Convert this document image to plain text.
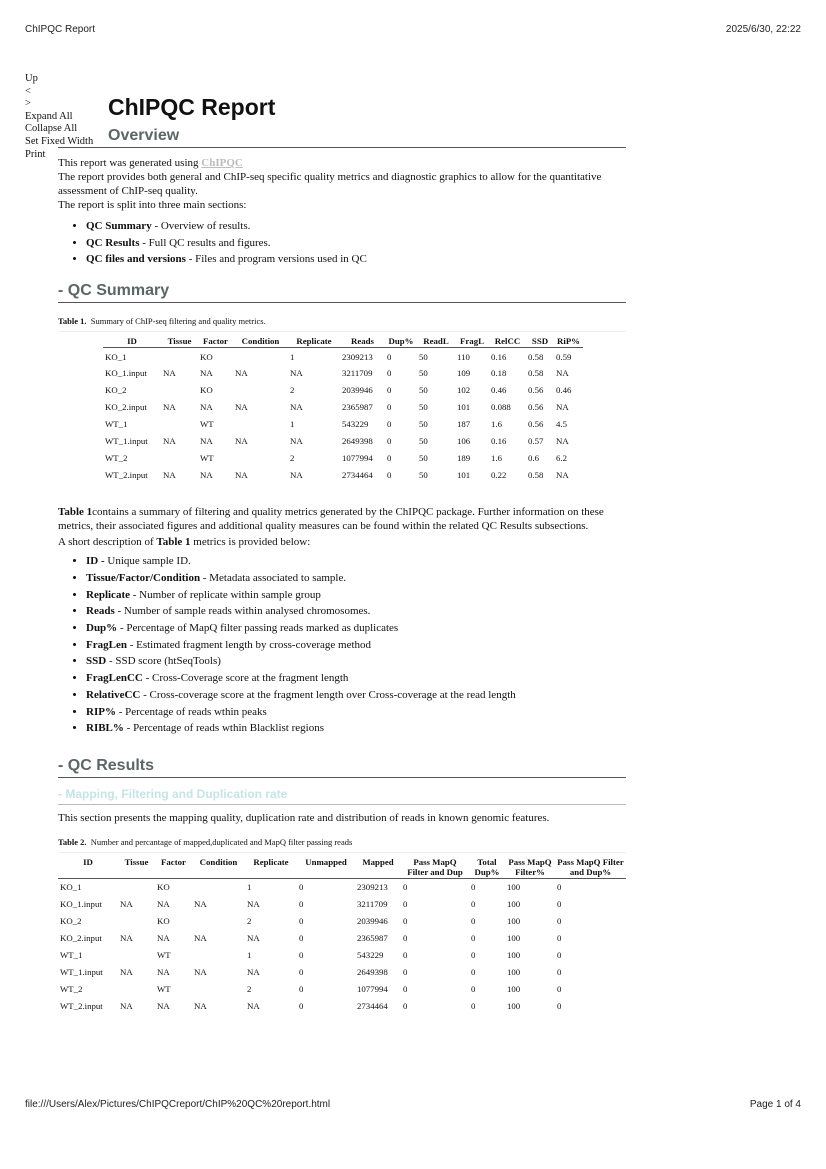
ChIPQC Report	2025/6/30, 22:22
Up
<
>
Expand All
Collapse All
Set Fixed Width
Print
ChIPQC Report
Overview

This report was generated using ChIPQC

The report provides both general and ChIP-seq specific quality metrics and diagnostic graphics to allow for the quantitative assessment of ChIP-seq quality.

The report is split into three main sections:

• QC Summary - Overview of results.
• QC Results - Full QC results and figures.
• QC files and versions - Files and program versions used in QC
- QC Summary

Table 1. Summary of ChIP-seq filtering and quality metrics.

ID	Tissue	Factor	Condition	Replicate	Reads	Dup%	ReadL	FragL	RelCC	SSD	RiP%
KO_1		KO		1	2309213	0	50	110	0.16	0.58	0.59
KO_1.input	NA	NA	NA	NA	3211709	0	50	109	0.18	0.58	NA
KO_2		KO		2	2039946	0	50	102	0.46	0.56	0.46
KO_2.input	NA	NA	NA	NA	2365987	0	50	101	0.088	0.56	NA
WT_1		WT		1	543229	0	50	187	1.6	0.56	4.5
WT_1.input	NA	NA	NA	NA	2649398	0	50	106	0.16	0.57	NA
WT_2		WT		2	1077994	0	50	189	1.6	0.6	6.2
WT_2.input	NA	NA	NA	NA	2734464	0	50	101	0.22	0.58	NA

Table 1contains a summary of filtering and quality metrics generated by the ChIPQC package. Further information on these metrics, their associated figures and additional quality measures can be found within the related QC Results subsections.

A short description of Table 1 metrics is provided below:

• ID - Unique sample ID.
• Tissue/Factor/Condition - Metadata associated to sample.
• Replicate - Number of replicate within sample group
• Reads - Number of sample reads within analysed chromosomes.
• Dup% - Percentage of MapQ filter passing reads marked as duplicates
• FragLen - Estimated fragment length by cross-coverage method
• SSD - SSD score (htSeqTools)
• FragLenCC - Cross-Coverage score at the fragment length
• RelativeCC - Cross-coverage score at the fragment length over Cross-coverage at the read length
• RIP% - Percentage of reads wthin peaks
• RIBL% - Percentage of reads wthin Blacklist regions
- QC Results
- Mapping, Filtering and Duplication rate

This section presents the mapping quality, duplication rate and distribution of reads in known genomic features.

Table 2. Number and percantage of mapped,duplicated and MapQ filter passing reads

ID	Tissue	Factor	Condition	Replicate	Unmapped	Mapped	Pass MapQ Filter and Dup	Total Dup%	Pass MapQ Filter%	Pass MapQ Filter and Dup%
KO_1		KO		1	0	2309213	0	0	100	0
KO_1.input	NA	NA	NA	NA	0	3211709	0	0	100	0
KO_2		KO		2	0	2039946	0	0	100	0
KO_2.input	NA	NA	NA	NA	0	2365987	0	0	100	0
WT_1		WT		1	0	543229	0	0	100	0
WT_1.input	NA	NA	NA	NA	0	2649398	0	0	100	0
WT_2		WT		2	0	1077994	0	0	100	0
WT_2.input	NA	NA	NA	NA	0	2734464	0	0	100	0
file:///Users/Alex/Pictures/ChIPQCreport/ChIP%20QC%20report.html	Page 1 of 4
